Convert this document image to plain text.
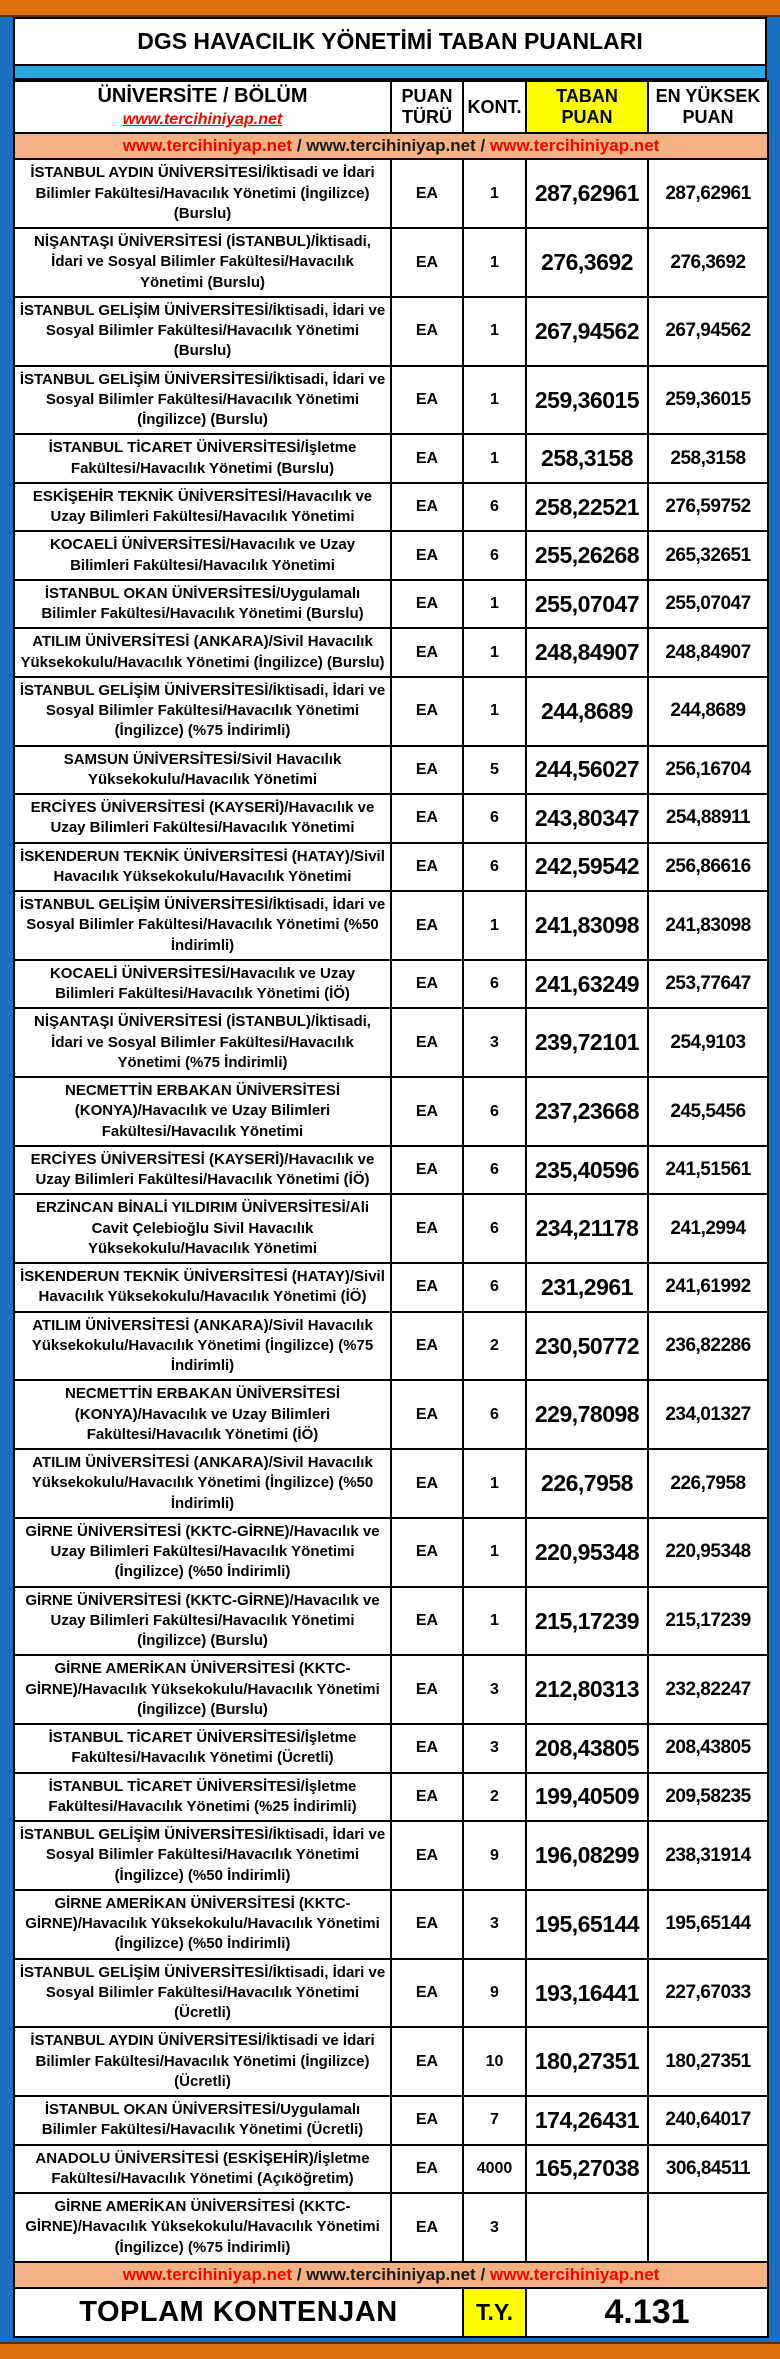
DGS HAVACILIK YÖNETİMİ TABAN PUANLARI
ÜNİVERSİTE / BÖLÜM
www.tercihiniyap.net	PUAN TÜRÜ	KONT.	TABAN PUAN	EN YÜKSEK PUAN
www.tercihiniyap.net / www.tercihiniyap.net / www.tercihiniyap.net				
İSTANBUL AYDIN ÜNİVERSİTESİ/İktisadi ve İdari Bilimler Fakültesi/Havacılık Yönetimi (İngilizce) (Burslu)	EA	1	287,62961	287,62961
NİŞANTAŞI ÜNİVERSİTESİ (İSTANBUL)/İktisadi, İdari ve Sosyal Bilimler Fakültesi/Havacılık Yönetimi (Burslu)	EA	1	276,3692	276,3692
İSTANBUL GELİŞİM ÜNİVERSİTESİ/İktisadi, İdari ve Sosyal Bilimler Fakültesi/Havacılık Yönetimi (Burslu)	EA	1	267,94562	267,94562
İSTANBUL GELİŞİM ÜNİVERSİTESİ/İktisadi, İdari ve Sosyal Bilimler Fakültesi/Havacılık Yönetimi (İngilizce) (Burslu)	EA	1	259,36015	259,36015
İSTANBUL TİCARET ÜNİVERSİTESİ/İşletme Fakültesi/Havacılık Yönetimi (Burslu)	EA	1	258,3158	258,3158
ESKİŞEHİR TEKNİK ÜNİVERSİTESİ/Havacılık ve Uzay Bilimleri Fakültesi/Havacılık Yönetimi	EA	6	258,22521	276,59752
KOCAELİ ÜNİVERSİTESİ/Havacılık ve Uzay Bilimleri Fakültesi/Havacılık Yönetimi	EA	6	255,26268	265,32651
İSTANBUL OKAN ÜNİVERSİTESİ/Uygulamalı Bilimler Fakültesi/Havacılık Yönetimi (Burslu)	EA	1	255,07047	255,07047
ATILIM ÜNİVERSİTESİ (ANKARA)/Sivil Havacılık Yüksekokulu/Havacılık Yönetimi (İngilizce) (Burslu)	EA	1	248,84907	248,84907
İSTANBUL GELİŞİM ÜNİVERSİTESİ/İktisadi, İdari ve Sosyal Bilimler Fakültesi/Havacılık Yönetimi (İngilizce) (%75 İndirimli)	EA	1	244,8689	244,8689
SAMSUN ÜNİVERSİTESİ/Sivil Havacılık Yüksekokulu/Havacılık Yönetimi	EA	5	244,56027	256,16704
ERCİYES ÜNİVERSİTESİ (KAYSERİ)/Havacılık ve Uzay Bilimleri Fakültesi/Havacılık Yönetimi	EA	6	243,80347	254,88911
İSKENDERUN TEKNİK ÜNİVERSİTESİ (HATAY)/Sivil Havacılık Yüksekokulu/Havacılık Yönetimi	EA	6	242,59542	256,86616
İSTANBUL GELİŞİM ÜNİVERSİTESİ/İktisadi, İdari ve Sosyal Bilimler Fakültesi/Havacılık Yönetimi (%50 İndirimli)	EA	1	241,83098	241,83098
KOCAELİ ÜNİVERSİTESİ/Havacılık ve Uzay Bilimleri Fakültesi/Havacılık Yönetimi (İÖ)	EA	6	241,63249	253,77647
NİŞANTAŞI ÜNİVERSİTESİ (İSTANBUL)/İktisadi, İdari ve Sosyal Bilimler Fakültesi/Havacılık Yönetimi (%75 İndirimli)	EA	3	239,72101	254,9103
NECMETTİN ERBAKAN ÜNİVERSİTESİ (KONYA)/Havacılık ve Uzay Bilimleri Fakültesi/Havacılık Yönetimi	EA	6	237,23668	245,5456
ERCİYES ÜNİVERSİTESİ (KAYSERİ)/Havacılık ve Uzay Bilimleri Fakültesi/Havacılık Yönetimi (İÖ)	EA	6	235,40596	241,51561
ERZİNCAN BİNALİ YILDIRIM ÜNİVERSİTESİ/Ali Cavit Çelebioğlu Sivil Havacılık Yüksekokulu/Havacılık Yönetimi	EA	6	234,21178	241,2994
İSKENDERUN TEKNİK ÜNİVERSİTESİ (HATAY)/Sivil Havacılık Yüksekokulu/Havacılık Yönetimi (İÖ)	EA	6	231,2961	241,61992
ATILIM ÜNİVERSİTESİ (ANKARA)/Sivil Havacılık Yüksekokulu/Havacılık Yönetimi (İngilizce) (%75 İndirimli)	EA	2	230,50772	236,82286
NECMETTİN ERBAKAN ÜNİVERSİTESİ (KONYA)/Havacılık ve Uzay Bilimleri Fakültesi/Havacılık Yönetimi (İÖ)	EA	6	229,78098	234,01327
ATILIM ÜNİVERSİTESİ (ANKARA)/Sivil Havacılık Yüksekokulu/Havacılık Yönetimi (İngilizce) (%50 İndirimli)	EA	1	226,7958	226,7958
GİRNE ÜNİVERSİTESİ (KKTC-GİRNE)/Havacılık ve Uzay Bilimleri Fakültesi/Havacılık Yönetimi (İngilizce) (%50 İndirimli)	EA	1	220,95348	220,95348
GİRNE ÜNİVERSİTESİ (KKTC-GİRNE)/Havacılık ve Uzay Bilimleri Fakültesi/Havacılık Yönetimi (İngilizce) (Burslu)	EA	1	215,17239	215,17239
GİRNE AMERİKAN ÜNİVERSİTESİ (KKTC-GİRNE)/Havacılık Yüksekokulu/Havacılık Yönetimi (İngilizce) (Burslu)	EA	3	212,80313	232,82247
İSTANBUL TİCARET ÜNİVERSİTESİ/İşletme Fakültesi/Havacılık Yönetimi (Ücretli)	EA	3	208,43805	208,43805
İSTANBUL TİCARET ÜNİVERSİTESİ/İşletme Fakültesi/Havacılık Yönetimi (%25 İndirimli)	EA	2	199,40509	209,58235
İSTANBUL GELİŞİM ÜNİVERSİTESİ/İktisadi, İdari ve Sosyal Bilimler Fakültesi/Havacılık Yönetimi (İngilizce) (%50 İndirimli)	EA	9	196,08299	238,31914
GİRNE AMERİKAN ÜNİVERSİTESİ (KKTC-GİRNE)/Havacılık Yüksekokulu/Havacılık Yönetimi (İngilizce) (%50 İndirimli)	EA	3	195,65144	195,65144
İSTANBUL GELİŞİM ÜNİVERSİTESİ/İktisadi, İdari ve Sosyal Bilimler Fakültesi/Havacılık Yönetimi (Ücretli)	EA	9	193,16441	227,67033
İSTANBUL AYDIN ÜNİVERSİTESİ/İktisadi ve İdari Bilimler Fakültesi/Havacılık Yönetimi (İngilizce) (Ücretli)	EA	10	180,27351	180,27351
İSTANBUL OKAN ÜNİVERSİTESİ/Uygulamalı Bilimler Fakültesi/Havacılık Yönetimi (Ücretli)	EA	7	174,26431	240,64017
ANADOLU ÜNİVERSİTESİ (ESKİŞEHİR)/İşletme Fakültesi/Havacılık Yönetimi (Açıköğretim)	EA	4000	165,27038	306,84511
GİRNE AMERİKAN ÜNİVERSİTESİ (KKTC-GİRNE)/Havacılık Yüksekokulu/Havacılık Yönetimi (İngilizce) (%75 İndirimli)	EA	3		
www.tercihiniyap.net / www.tercihiniyap.net / www.tercihiniyap.net				
TOPLAM KONTENJAN		T.Y.	4.131	
